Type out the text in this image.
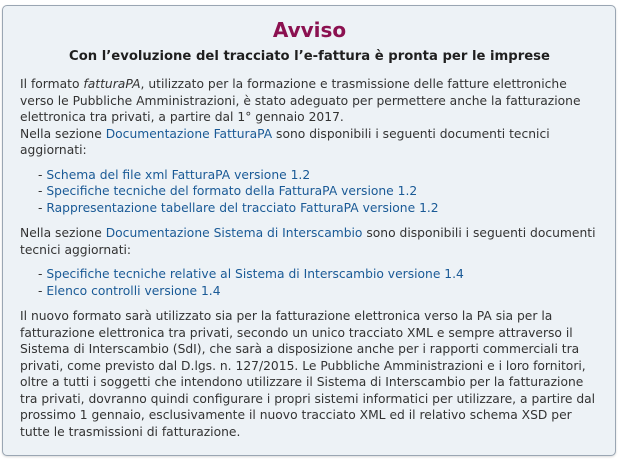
Avviso
Con l’evoluzione del tracciato l’e-fattura è pronta per le imprese

Il formato fatturaPA, utilizzato per la formazione e trasmissione delle fatture elettroniche verso le Pubbliche Amministrazioni, è stato adeguato per permettere anche la fatturazione elettronica tra privati, a partire dal 1° gennaio 2017.

Nella sezione Documentazione FatturaPA sono disponibili i seguenti documenti tecnici aggiornati:

- Schema del file xml FatturaPA versione 1.2
- Specifiche tecniche del formato della FatturaPA versione 1.2
- Rappresentazione tabellare del tracciato FatturaPA versione 1.2

Nella sezione Documentazione Sistema di Interscambio sono disponibili i seguenti documenti tecnici aggiornati:

- Specifiche tecniche relative al Sistema di Interscambio versione 1.4
- Elenco controlli versione 1.4

Il nuovo formato sarà utilizzato sia per la fatturazione elettronica verso la PA sia per la fatturazione elettronica tra privati, secondo un unico tracciato XML e sempre attraverso il Sistema di Interscambio (SdI), che sarà a disposizione anche per i rapporti commerciali tra privati, come previsto dal D.lgs. n. 127/2015. Le Pubbliche Amministrazioni e i loro fornitori, oltre a tutti i soggetti che intendono utilizzare il Sistema di Interscambio per la fatturazione tra privati, dovranno quindi configurare i propri sistemi informatici per utilizzare, a partire dal prossimo 1 gennaio, esclusivamente il nuovo tracciato XML ed il relativo schema XSD per tutte le trasmissioni di fatturazione.
